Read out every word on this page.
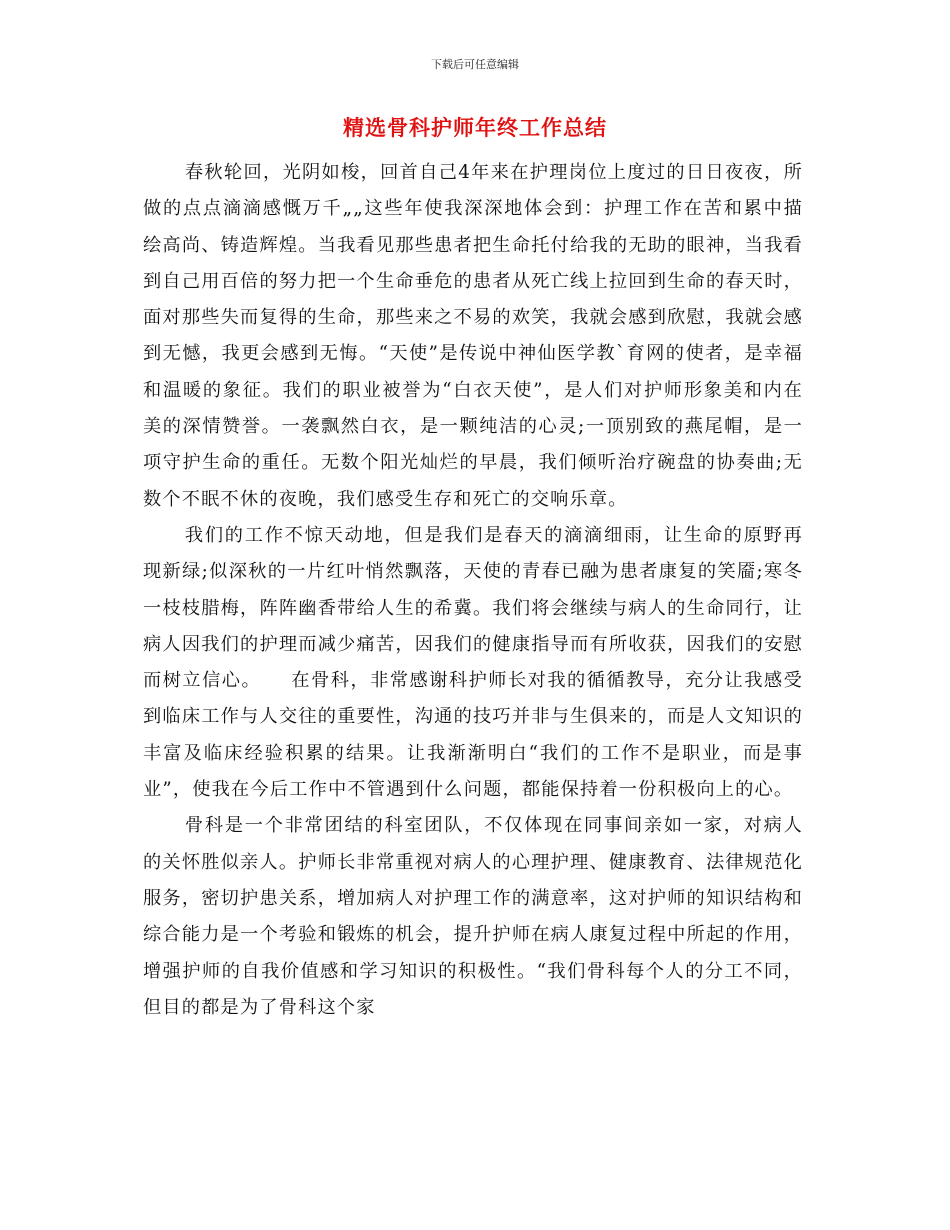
下载后可任意编辑
精选骨科护师年终工作总结

春秋轮回，光阴如梭，回首自己4年来在护理岗位上度过的日日夜夜，所做的点点滴滴感慨万千„„这些年使我深深地体会到：护理工作在苦和累中描绘高尚、铸造辉煌。当我看见那些患者把生命托付给我的无助的眼神，当我看到自己用百倍的努力把一个生命垂危的患者从死亡线上拉回到生命的春天时，面对那些失而复得的生命，那些来之不易的欢笑，我就会感到欣慰，我就会感到无憾，我更会感到无悔。“天使”是传说中神仙医学教`育网的使者，是幸福和温暖的象征。我们的职业被誉为“白衣天使”，是人们对护师形象美和内在美的深情赞誉。一袭飘然白衣，是一颗纯洁的心灵;一顶别致的燕尾帽，是一项守护生命的重任。无数个阳光灿烂的早晨，我们倾听治疗碗盘的协奏曲;无数个不眠不休的夜晚，我们感受生存和死亡的交响乐章。

我们的工作不惊天动地，但是我们是春天的滴滴细雨，让生命的原野再现新绿;似深秋的一片红叶悄然飘落，天使的青春已融为患者康复的笑靥;寒冬一枝枝腊梅，阵阵幽香带给人生的希冀。我们将会继续与病人的生命同行，让病人因我们的护理而减少痛苦，因我们的健康指导而有所收获，因我们的安慰而树立信心。　　在骨科，非常感谢科护师长对我的循循教导，充分让我感受到临床工作与人交往的重要性，沟通的技巧并非与生俱来的，而是人文知识的丰富及临床经验积累的结果。让我渐渐明白“我们的工作不是职业，而是事业”，使我在今后工作中不管遇到什么问题，都能保持着一份积极向上的心。

骨科是一个非常团结的科室团队，不仅体现在同事间亲如一家，对病人的关怀胜似亲人。护师长非常重视对病人的心理护理、健康教育、法律规范化服务，密切护患关系，增加病人对护理工作的满意率，这对护师的知识结构和综合能力是一个考验和锻炼的机会，提升护师在病人康复过程中所起的作用，增强护师的自我价值感和学习知识的积极性。“我们骨科每个人的分工不同，但目的都是为了骨科这个家
